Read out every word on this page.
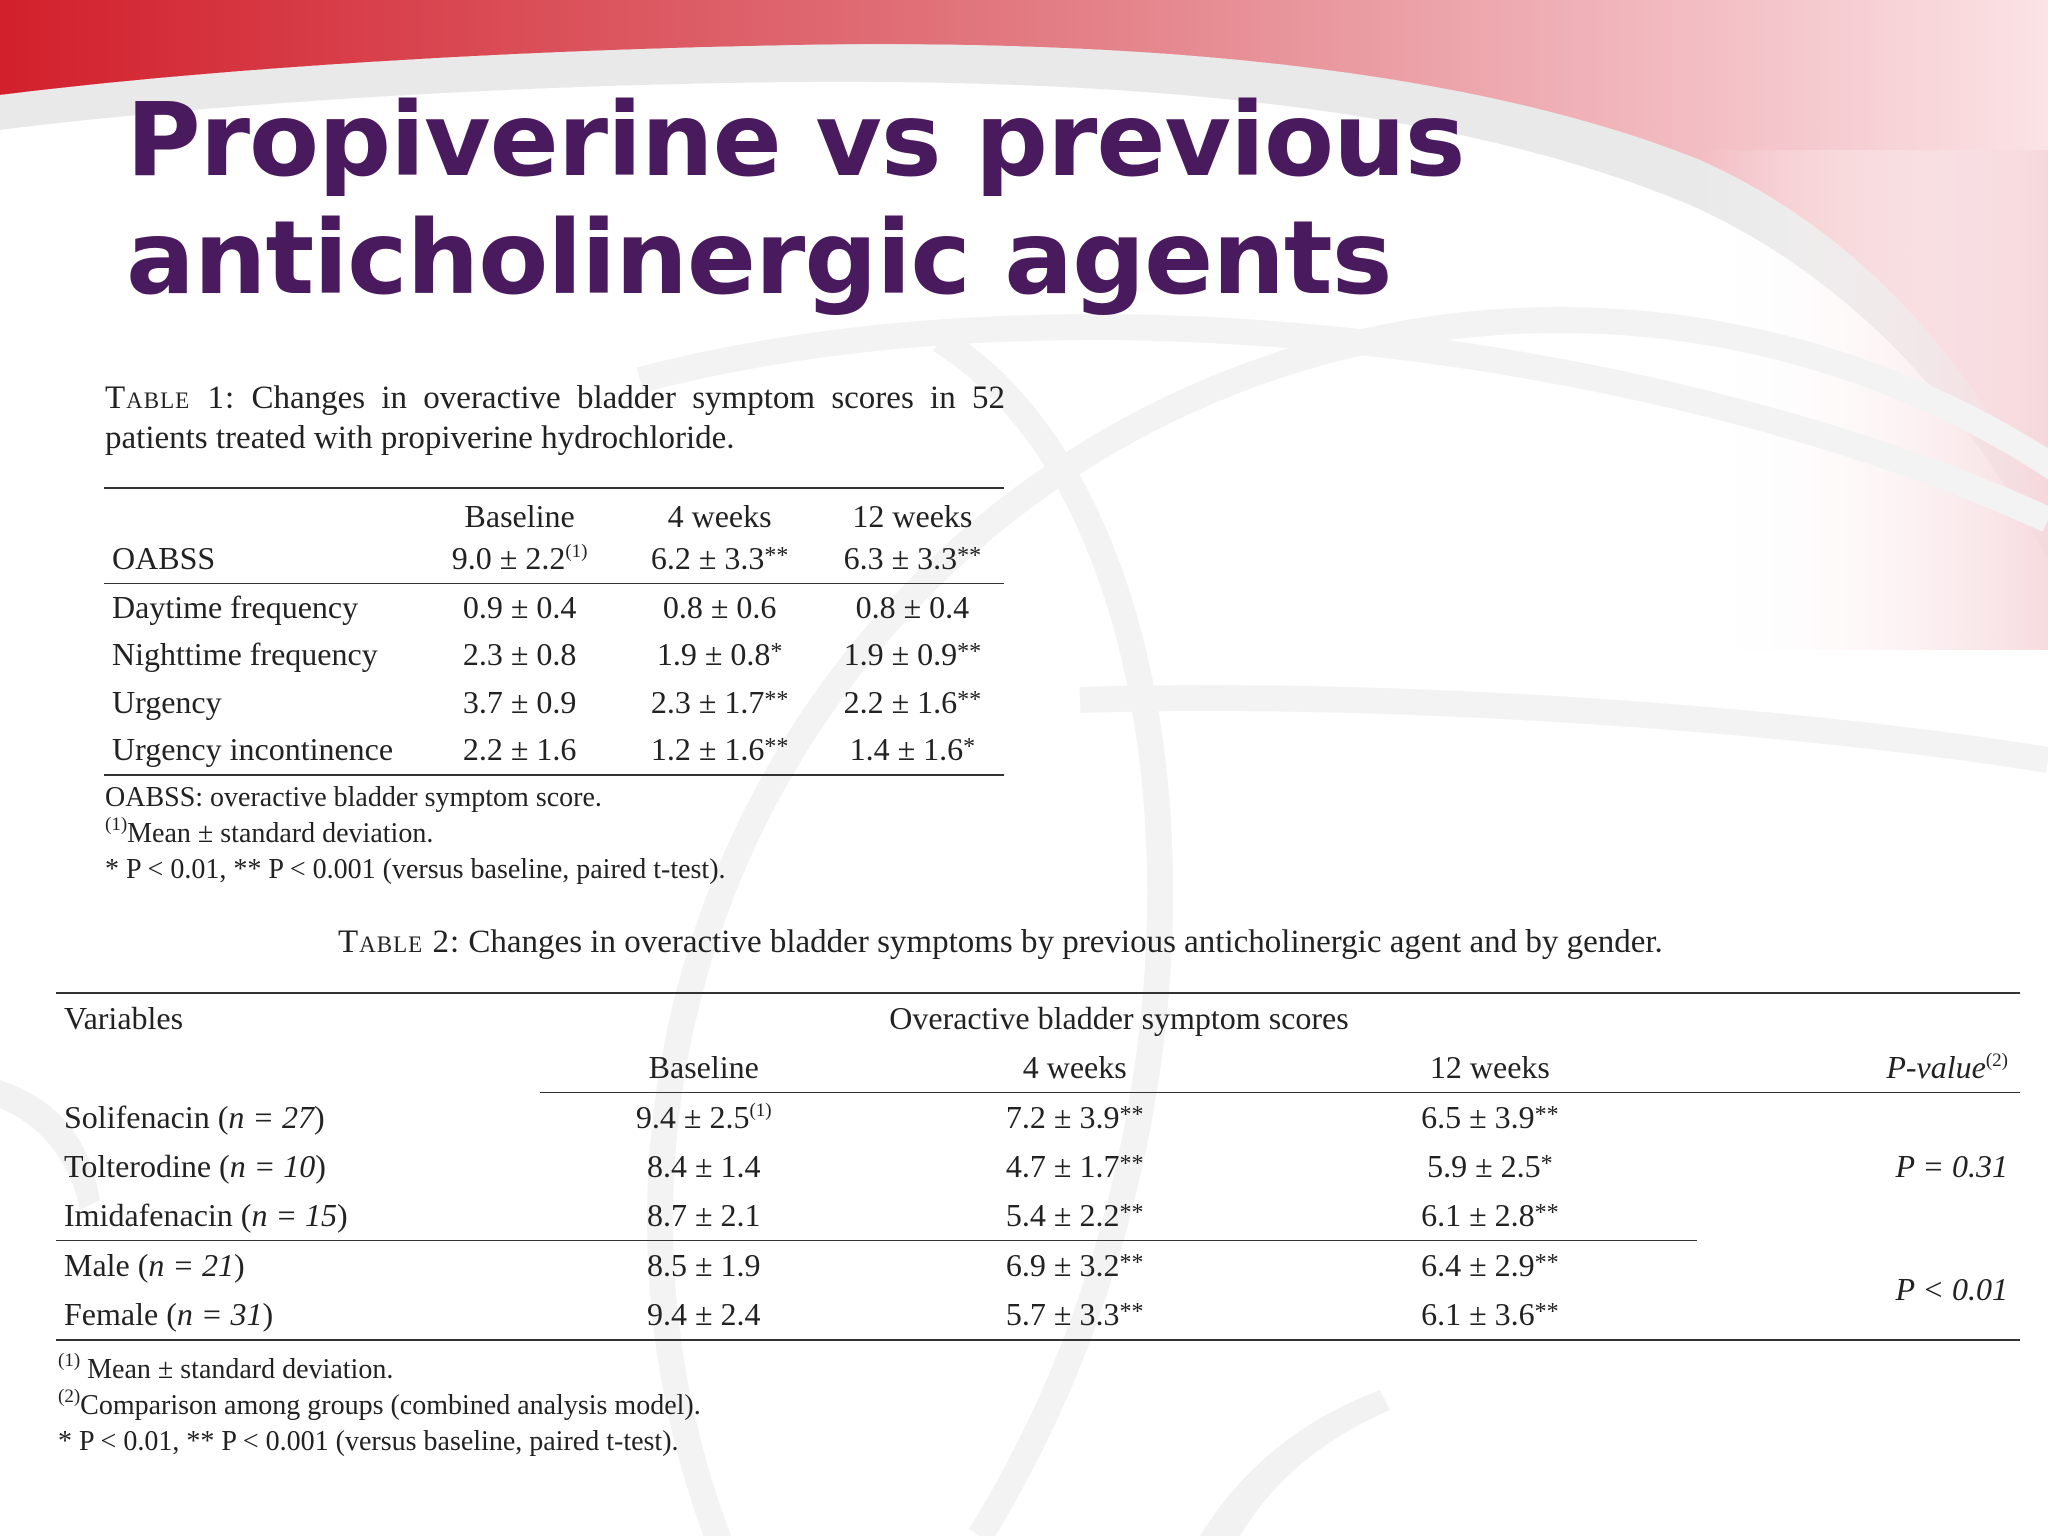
Propiverine vs previous
anticholinergic agents
Table 1: Changes in overactive bladder symptom scores in 52 patients treated with propiverine hydrochloride.
	Baseline	4 weeks	12 weeks
OABSS	9.0 ± 2.2$^{(1)}$	6.2 ± 3.3**	6.3 ± 3.3**
Daytime frequency	0.9 ± 0.4	0.8 ± 0.6	0.8 ± 0.4
Nighttime frequency	2.3 ± 0.8	1.9 ± 0.8*	1.9 ± 0.9**
Urgency	3.7 ± 0.9	2.3 ± 1.7**	2.2 ± 1.6**
Urgency incontinence	2.2 ± 1.6	1.2 ± 1.6**	1.4 ± 1.6*
OABSS: overactive bladder symptom score.
$^{(1)}$Mean ± standard deviation.
* P < 0.01, ** P < 0.001 (versus baseline, paired t-test).
Table 2: Changes in overactive bladder symptoms by previous anticholinergic agent and by gender.
Variables	Overactive bladder symptom scores			
	Baseline	4 weeks	12 weeks	P-value$^{(2)}$
Solifenacin (n = 27)	9.4 ± 2.5$^{(1)}$	7.2 ± 3.9**	6.5 ± 3.9**	P = 0.31
Tolterodine (n = 10)	8.4 ± 1.4	4.7 ± 1.7**	5.9 ± 2.5*	
Imidafenacin (n = 15)	8.7 ± 2.1	5.4 ± 2.2**	6.1 ± 2.8**	
Male (n = 21)	8.5 ± 1.9	6.9 ± 3.2**	6.4 ± 2.9**	P < 0.01
Female (n = 31)	9.4 ± 2.4	5.7 ± 3.3**	6.1 ± 3.6**	
$^{(1)}$ Mean ± standard deviation.
$^{(2)}$Comparison among groups (combined analysis model).
* P < 0.01, ** P < 0.001 (versus baseline, paired t-test).
